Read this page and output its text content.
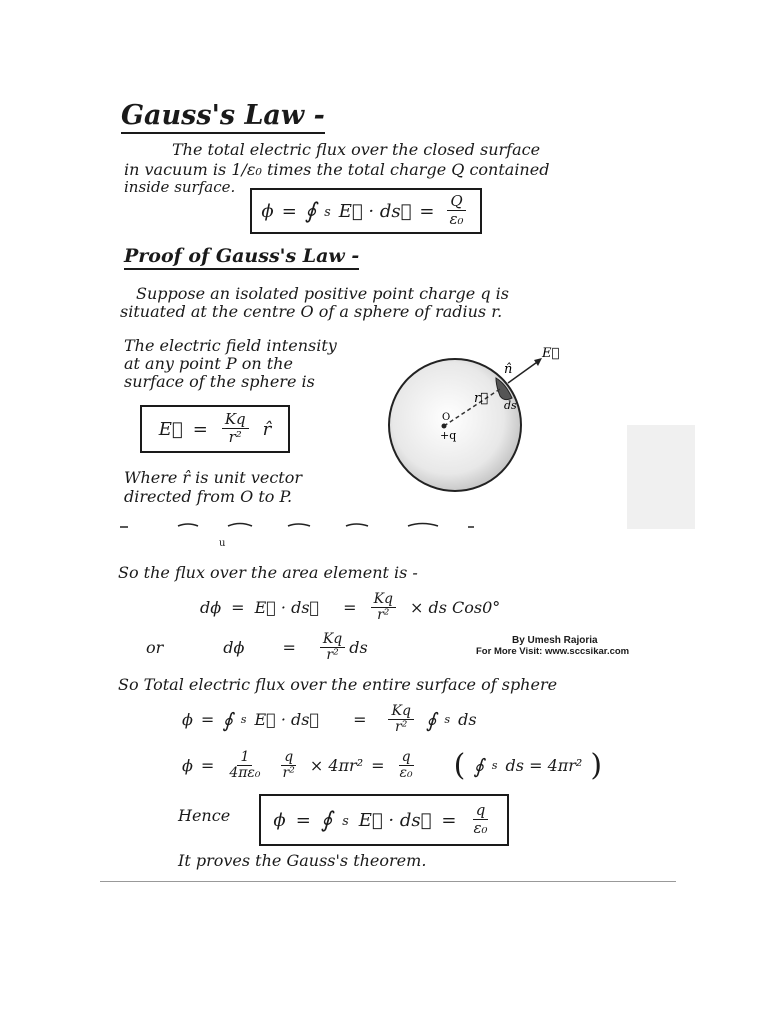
Gauss's Law -
The total electric flux over the closed surface
in vacuum is 1/ε₀ times the total charge Q contained
inside surface.
ϕ = ∮ s E⃗ · ds⃗ = $\frac{Q}{\text{ε₀}}$
Proof of Gauss's Law -
Suppose an isolated positive point charge q is
situated at the centre O of a sphere of radius r.
The electric field intensity
at any point P on the
surface of the sphere is
E⃗ = $\frac{Kq}{\text{r²}}$ r̂
Where r̂ is unit vector
directed from O to P.
E⃗
n̂
r⃗ ds
O
+q
u
So the flux over the area element is -
dϕ = E⃗ · ds⃗ = $\frac{Kq}{\text{r²}}$ × ds Cos0°
or	$d\phi = \frac{Kq}{\text{r²}}$ ds	By Umesh Rajoria
For More Visit: www.sccsikar.com
So Total electric flux over the entire surface of sphere
ϕ = ∮ s E⃗ · ds⃗ = $\frac{Kq}{\text{r²}}$ ∮ s ds
$\phi = \frac{1}{\text{4πε₀}} \frac{q}{\text{r²}} \times 4\pi r^2 = \frac{q}{\text{ε₀}}$ ( ∮ s ds = 4πr² )
Hence ϕ = ∮ s E⃗ · ds⃗ = $\frac{q}{\text{ε₀}}$
It proves the Gauss's theorem.
